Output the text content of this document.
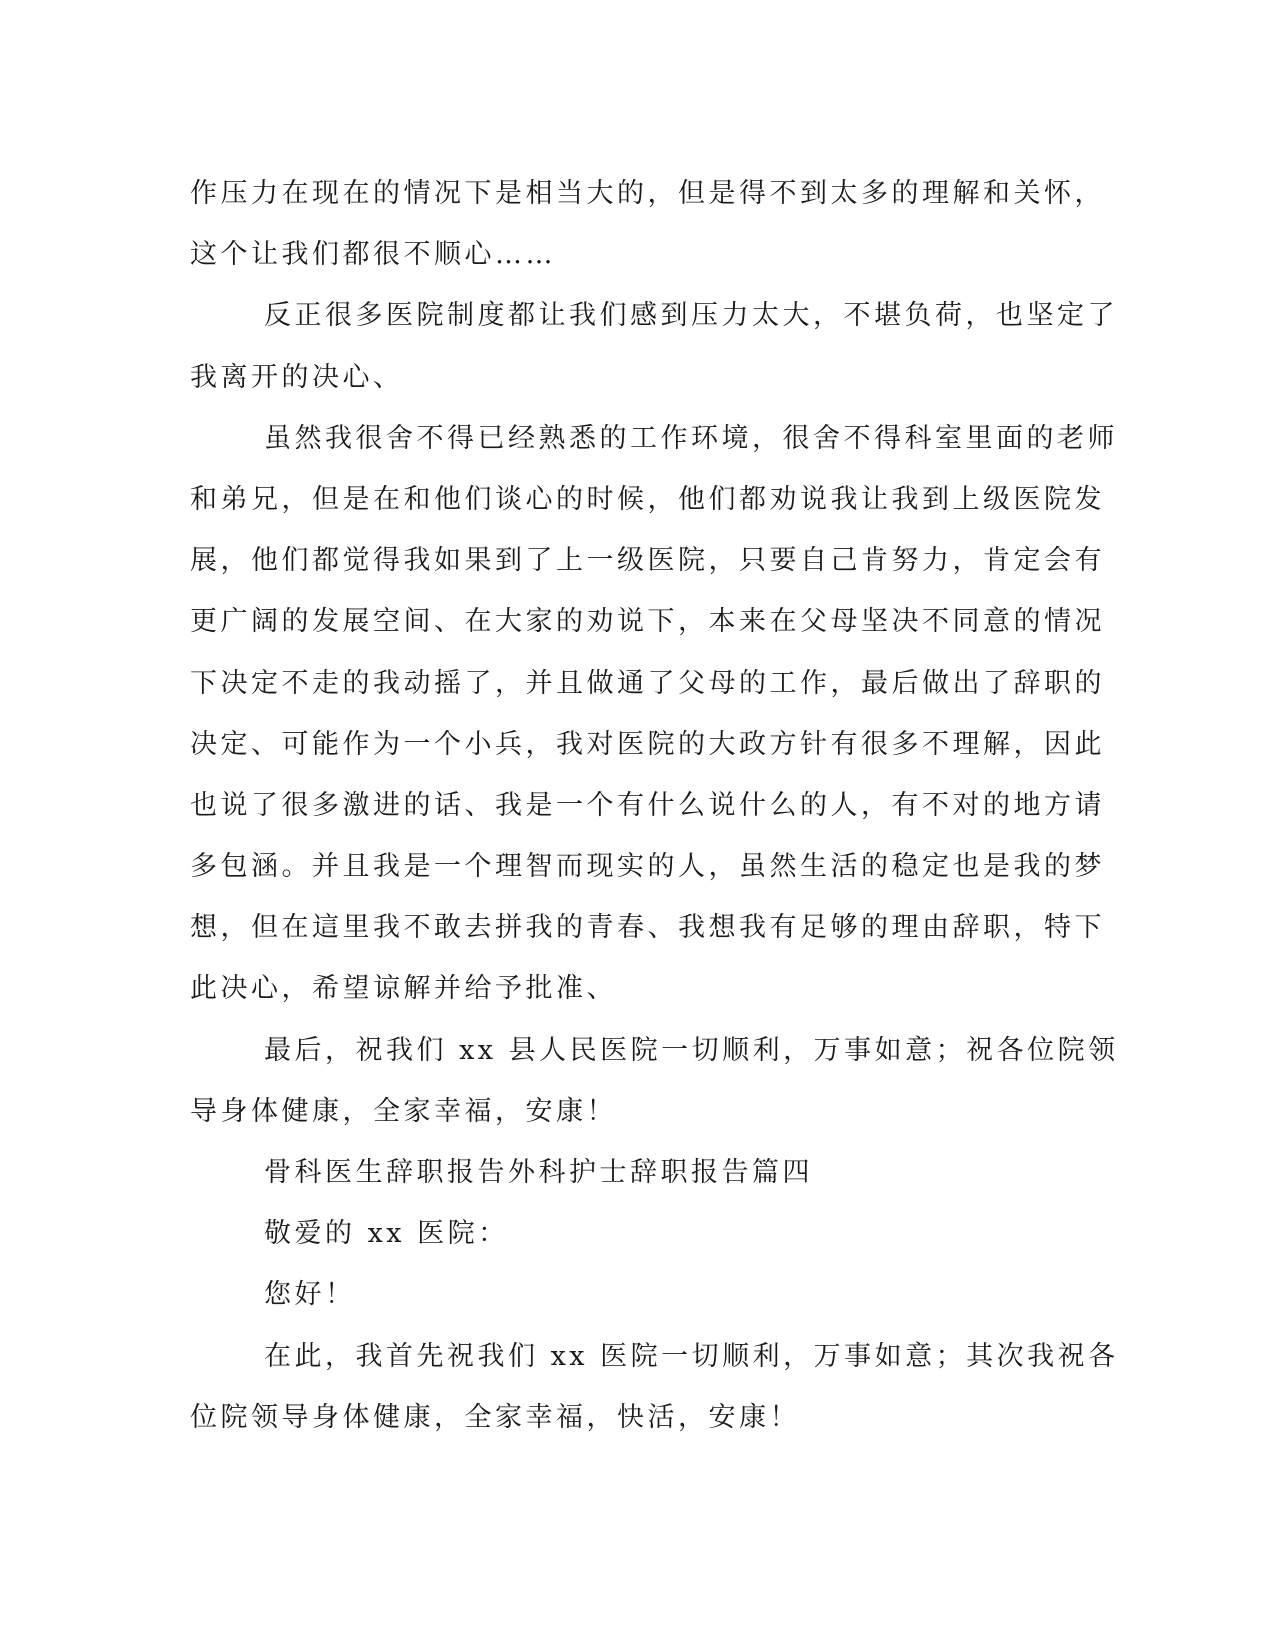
作压力在现在的情况下是相当大的，但是得不到太多的理解和关怀，
这个让我们都很不顺心……
反正很多医院制度都让我们感到压力太大，不堪负荷，也坚定了
我离开的决心、
虽然我很舍不得已经熟悉的工作环境，很舍不得科室里面的老师
和弟兄，但是在和他们谈心的时候，他们都劝说我让我到上级医院发
展，他们都觉得我如果到了上一级医院，只要自己肯努力，肯定会有
更广阔的发展空间、在大家的劝说下，本来在父母坚决不同意的情况
下决定不走的我动摇了，并且做通了父母的工作，最后做出了辞职的
决定、可能作为一个小兵，我对医院的大政方针有很多不理解，因此
也说了很多激进的话、我是一个有什么说什么的人，有不对的地方请
多包涵。并且我是一个理智而现实的人，虽然生活的稳定也是我的梦
想，但在這里我不敢去拼我的青春、我想我有足够的理由辞职，特下
此决心，希望谅解并给予批准、
最后，祝我们 xx 县人民医院一切顺利，万事如意；祝各位院领
导身体健康，全家幸福，安康！
骨科医生辞职报告外科护士辞职报告篇四
敬爱的 xx 医院：
您好！
在此，我首先祝我们 xx 医院一切顺利，万事如意；其次我祝各
位院领导身体健康，全家幸福，快活，安康！
